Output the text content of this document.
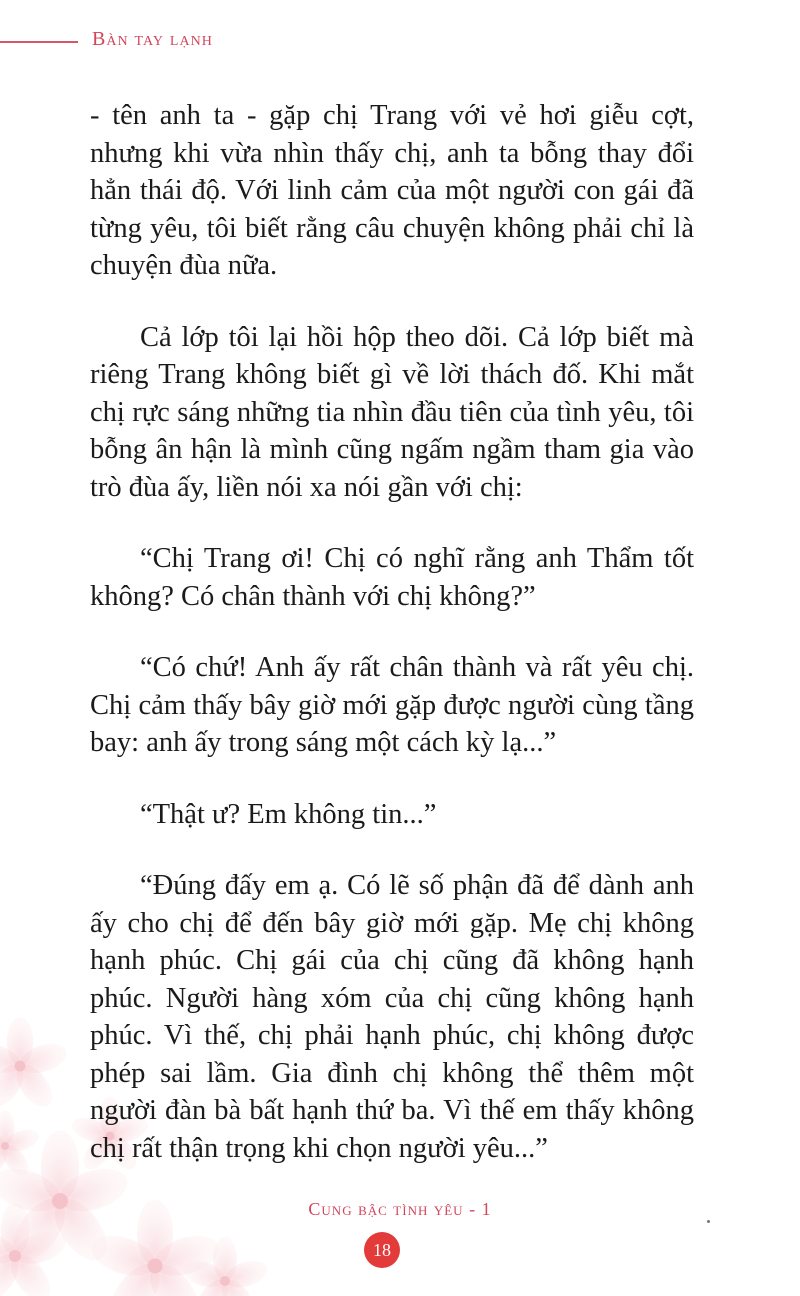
Bàn tay lạnh

- tên anh ta - gặp chị Trang với vẻ hơi giễu cợt, nhưng khi vừa nhìn thấy chị, anh ta bỗng thay đổi hẳn thái độ. Với linh cảm của một người con gái đã từng yêu, tôi biết rằng câu chuyện không phải chỉ là chuyện đùa nữa.

Cả lớp tôi lại hồi hộp theo dõi. Cả lớp biết mà riêng Trang không biết gì về lời thách đố. Khi mắt chị rực sáng những tia nhìn đầu tiên của tình yêu, tôi bỗng ân hận là mình cũng ngấm ngầm tham gia vào trò đùa ấy, liền nói xa nói gần với chị:

“Chị Trang ơi! Chị có nghĩ rằng anh Thẩm tốt không? Có chân thành với chị không?”

“Có chứ! Anh ấy rất chân thành và rất yêu chị. Chị cảm thấy bây giờ mới gặp được người cùng tầng bay: anh ấy trong sáng một cách kỳ lạ...”

“Thật ư? Em không tin...”

“Đúng đấy em ạ. Có lẽ số phận đã để dành anh ấy cho chị để đến bây giờ mới gặp. Mẹ chị không hạnh phúc. Chị gái của chị cũng đã không hạnh phúc. Người hàng xóm của chị cũng không hạnh phúc. Vì thế, chị phải hạnh phúc, chị không được phép sai lầm. Gia đình chị không thể thêm một người đàn bà bất hạnh thứ ba. Vì thế em thấy không chị rất thận trọng khi chọn người yêu...”

Cung bậc tình yêu - 1
18
